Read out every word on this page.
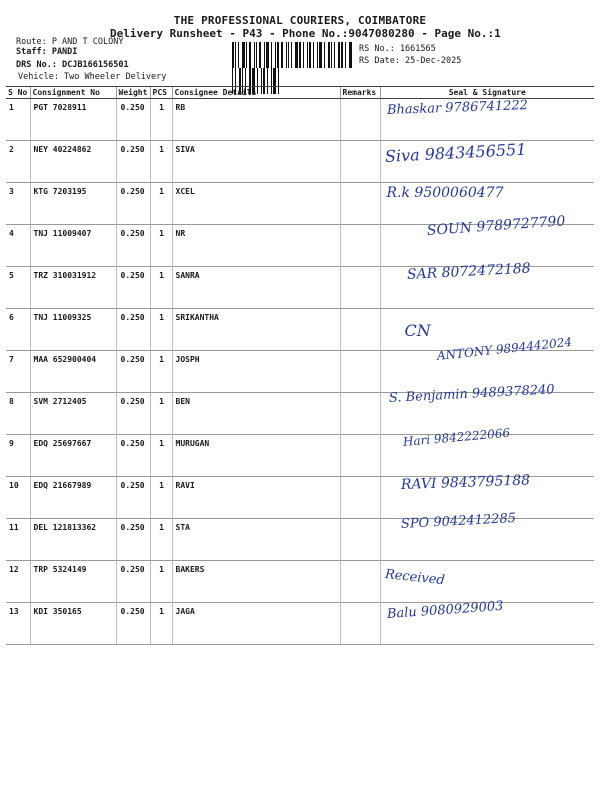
THE PROFESSIONAL COURIERS, COIMBATORE
Delivery Runsheet - P43 - Phone No.:9047080280 - Page No.:1
Route: P AND T COLONY
Staff: PANDI
DRS No.: DCJB166156501
Vehicle: Two Wheeler Delivery
RS No.: 1661565
RS Date: 25-Dec-2025
S No	Consignment No	Weight	PCS	Consignee Details	Remarks	Seal & Signature
1	PGT 7028911	0.250	1	RB		Bhaskar 9786741222

2	NEY 40224862	0.250	1	SIVA		Siva 9843456551

3	KTG 7203195	0.250	1	XCEL		R.k 9500060477

4	TNJ 11009407	0.250	1	NR		SOUN 9789727790

5	TRZ 310031912	0.250	1	SANRA		SAR 8072472188

6	TNJ 11009325	0.250	1	SRIKANTHA		CN

7	MAA 652900404	0.250	1	JOSPH		ANTONY 9894442024

8	SVM 2712405	0.250	1	BEN		S. Benjamin 9489378240

9	EDQ 25697667	0.250	1	MURUGAN		Hari 9842222066

10	EDQ 21667989	0.250	1	RAVI		RAVI 9843795188

11	DEL 121813362	0.250	1	STA		SPO 9042412285

12	TRP 5324149	0.250	1	BAKERS		Received

13	KDI 350165	0.250	1	JAGA		Balu 9080929003
